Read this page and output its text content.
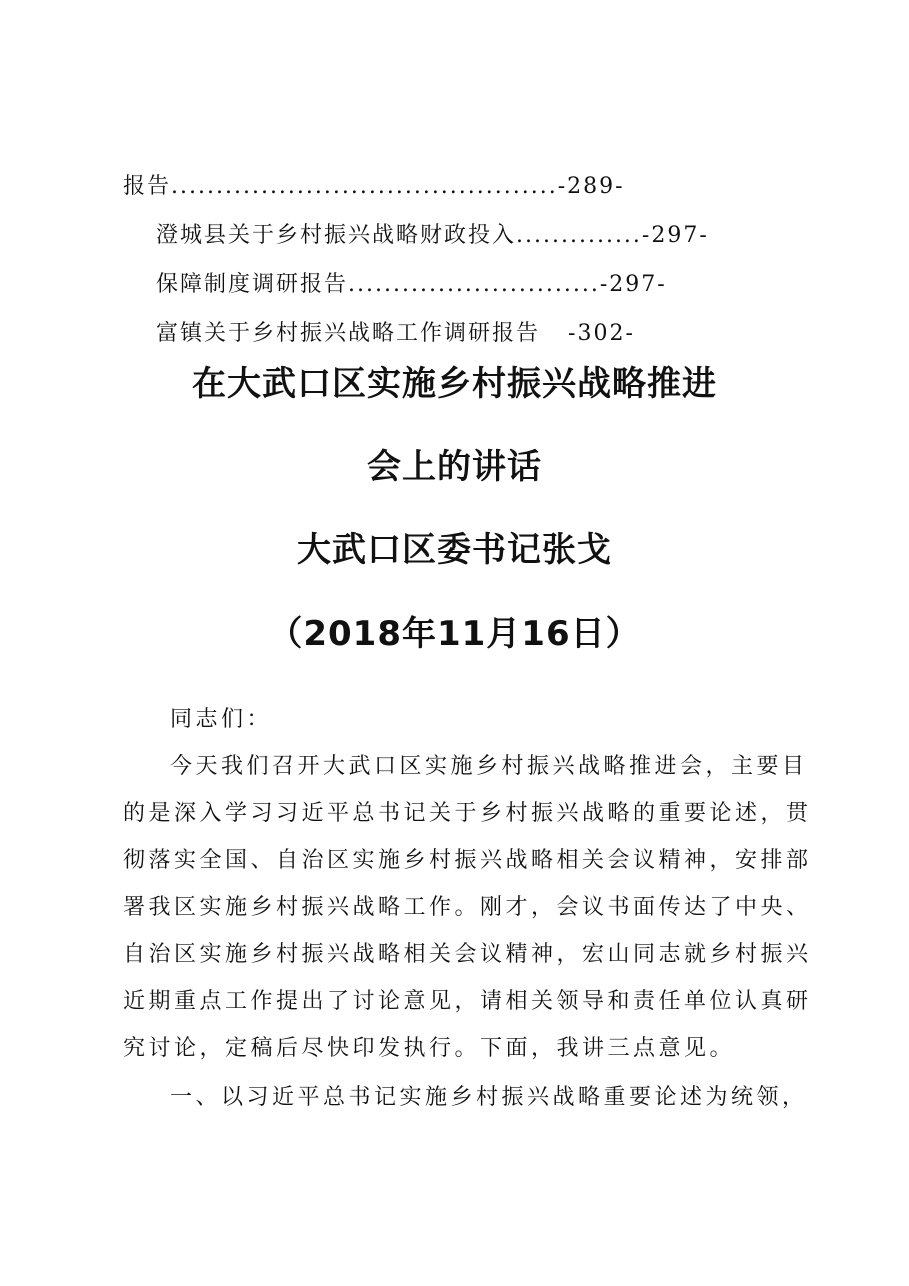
报告...........................................-289-
澄城县关于乡村振兴战略财政投入..............-297-
保障制度调研报告............................-297-
富镇关于乡村振兴战略工作调研报告 -302-
在大武口区实施乡村振兴战略推进
会上的讲话
大武口区委书记张戈
（2018年11月16日）

同志们：

今天我们召开大武口区实施乡村振兴战略推进会，主要目

的是深入学习习近平总书记关于乡村振兴战略的重要论述，贯

彻落实全国、自治区实施乡村振兴战略相关会议精神，安排部

署我区实施乡村振兴战略工作。刚才，会议书面传达了中央、

自治区实施乡村振兴战略相关会议精神，宏山同志就乡村振兴

近期重点工作提出了讨论意见，请相关领导和责任单位认真研

究讨论，定稿后尽快印发执行。下面，我讲三点意见。

一、以习近平总书记实施乡村振兴战略重要论述为统领，
